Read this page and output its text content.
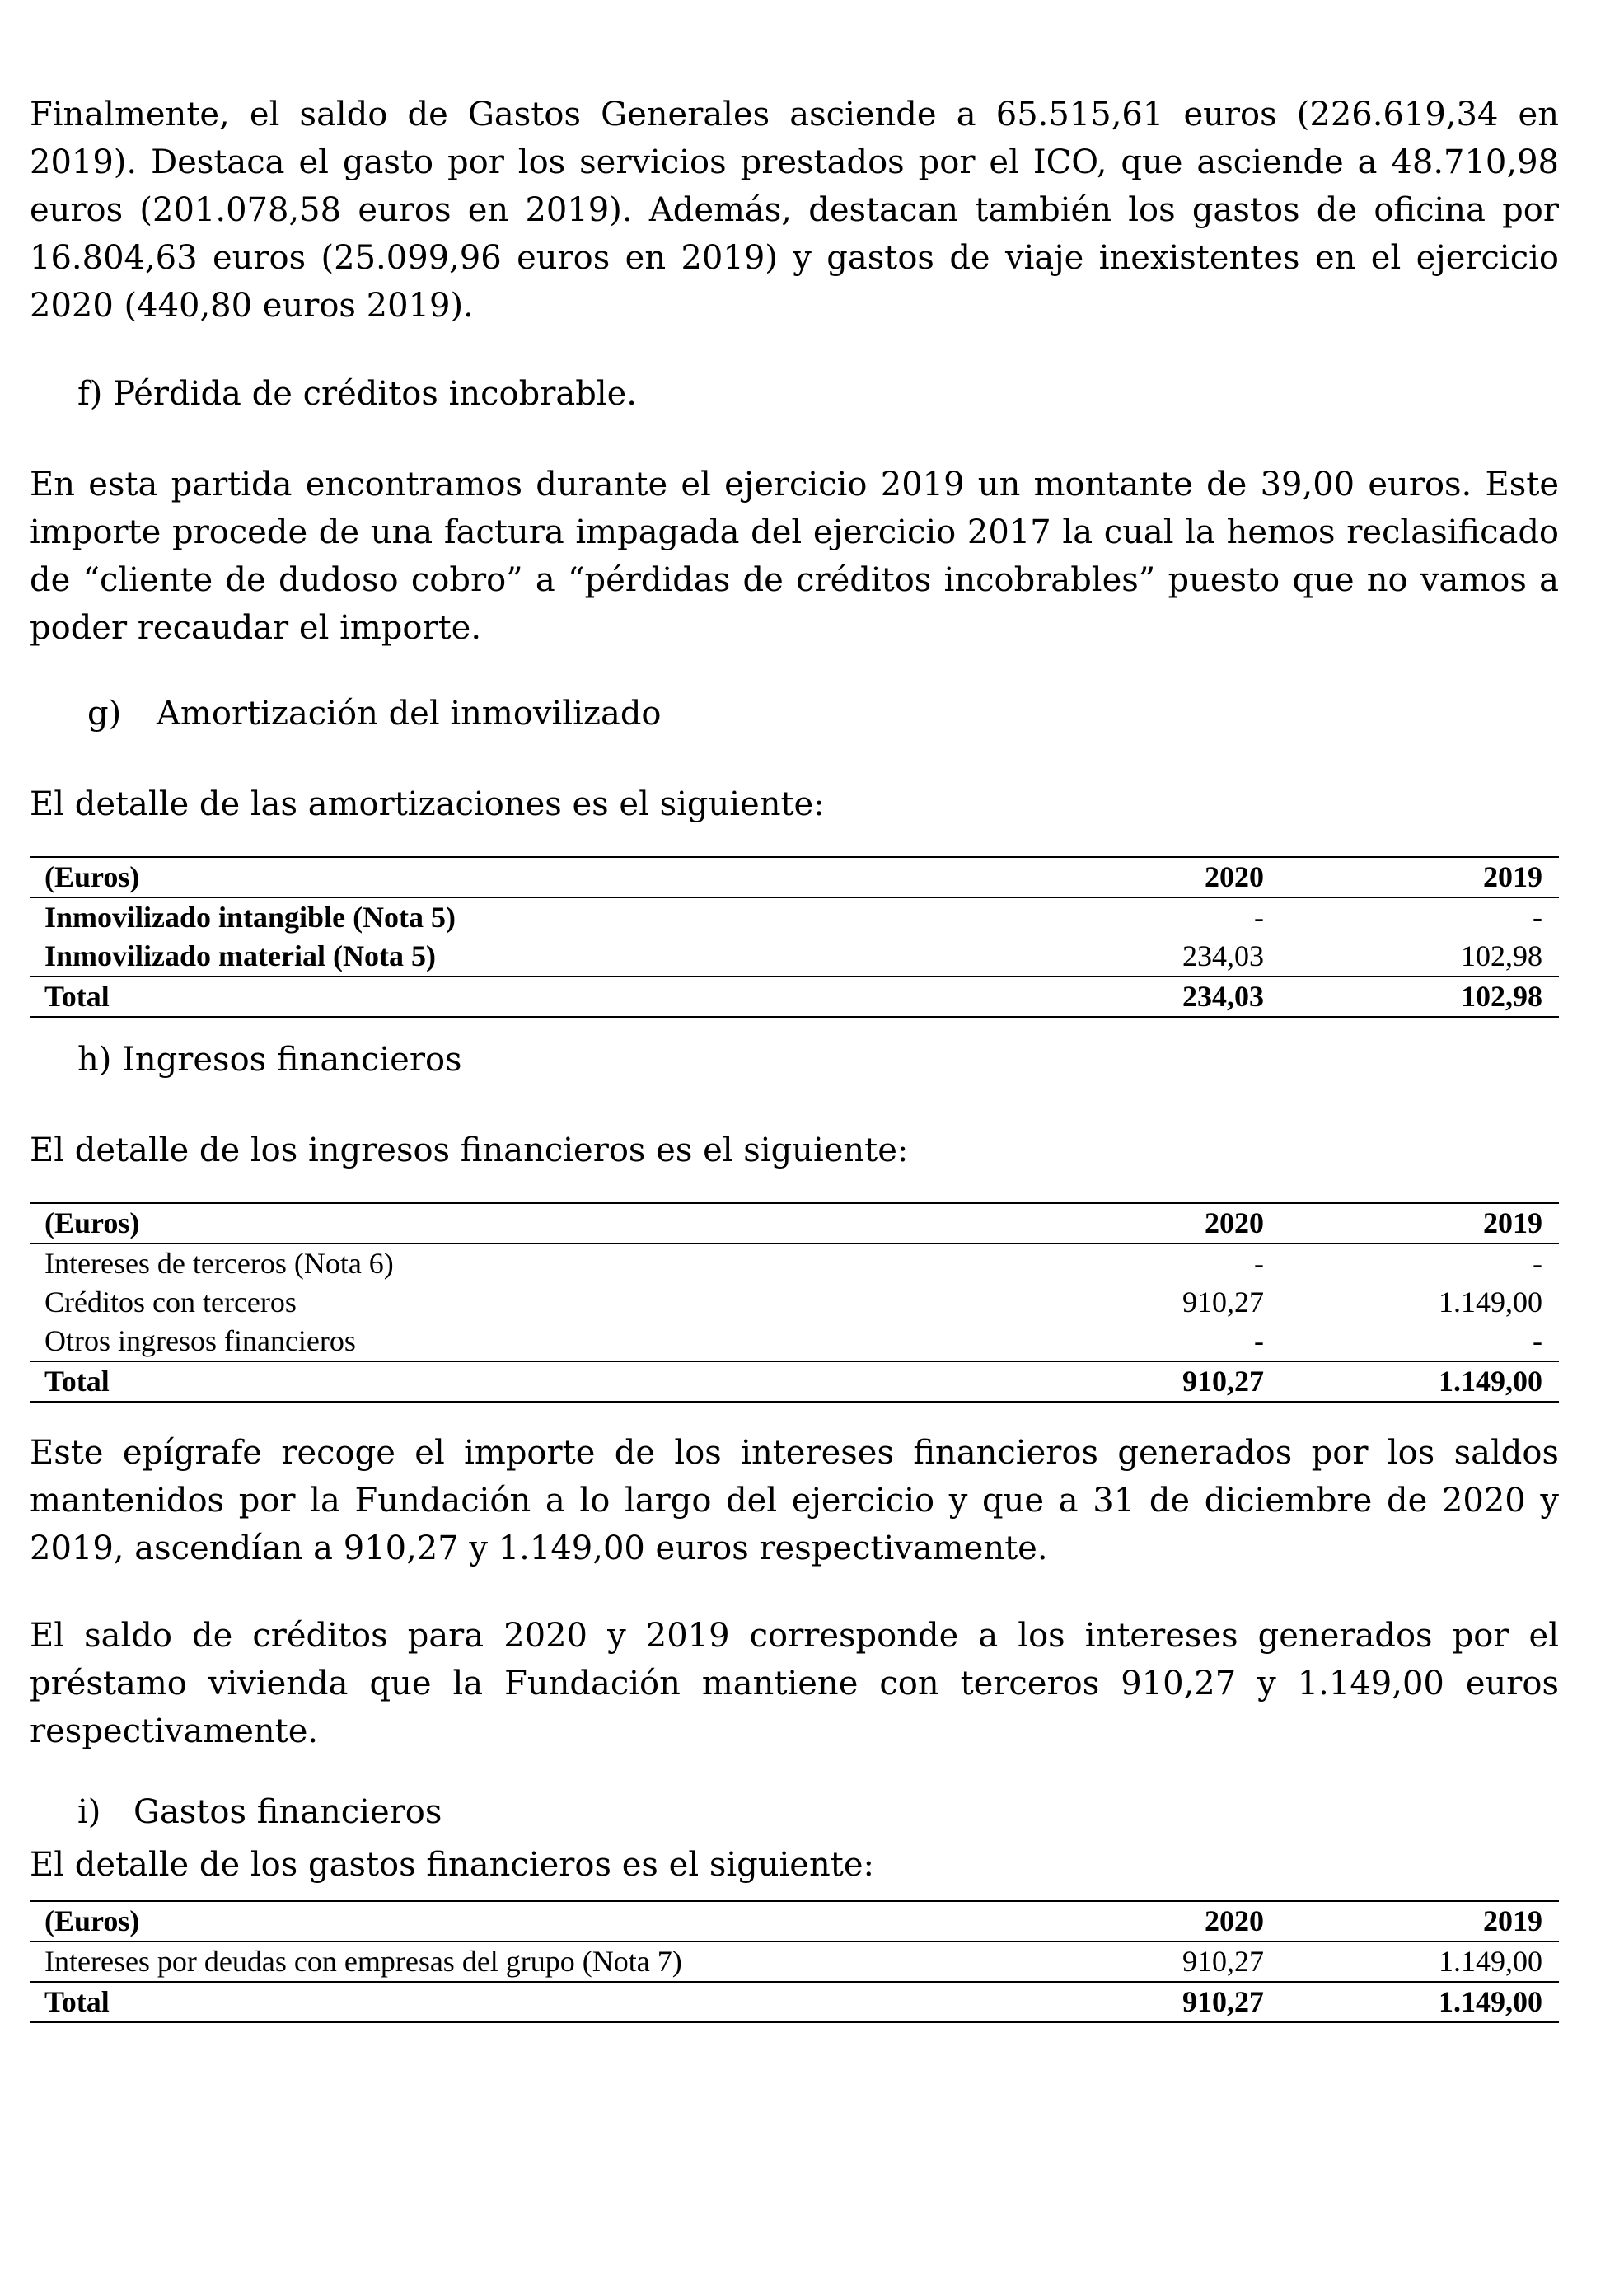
Finalmente, el saldo de Gastos Generales asciende a 65.515,61 euros (226.619,34 en 2019). Destaca el gasto por los servicios prestados por el ICO, que asciende a 48.710,98 euros (201.078,58 euros en 2019). Además, destacan también los gastos de oficina por 16.804,63 euros (25.099,96 euros en 2019) y gastos de viaje inexistentes en el ejercicio 2020 (440,80 euros 2019).

f) Pérdida de créditos incobrable.

En esta partida encontramos durante el ejercicio 2019 un montante de 39,00 euros. Este importe procede de una factura impagada del ejercicio 2017 la cual la hemos reclasificado de “cliente de dudoso cobro” a “pérdidas de créditos incobrables” puesto que no vamos a poder recaudar el importe.

g) Amortización del inmovilizado

El detalle de las amortizaciones es el siguiente:

(Euros)	2020	2019
Inmovilizado intangible (Nota 5)	-	-
Inmovilizado material (Nota 5)	234,03	102,98
Total	234,03	102,98

h) Ingresos financieros

El detalle de los ingresos financieros es el siguiente:

(Euros)	2020	2019
Intereses de terceros (Nota 6)	-	-
Créditos con terceros	910,27	1.149,00
Otros ingresos financieros	-	-
Total	910,27	1.149,00

Este epígrafe recoge el importe de los intereses financieros generados por los saldos mantenidos por la Fundación a lo largo del ejercicio y que a 31 de diciembre de 2020 y 2019, ascendían a 910,27 y 1.149,00 euros respectivamente.

El saldo de créditos para 2020 y 2019 corresponde a los intereses generados por el préstamo vivienda que la Fundación mantiene con terceros 910,27 y 1.149,00 euros respectivamente.

i) Gastos financieros

El detalle de los gastos financieros es el siguiente:

(Euros)	2020	2019
Intereses por deudas con empresas del grupo (Nota 7)	910,27	1.149,00
Total	910,27	1.149,00
